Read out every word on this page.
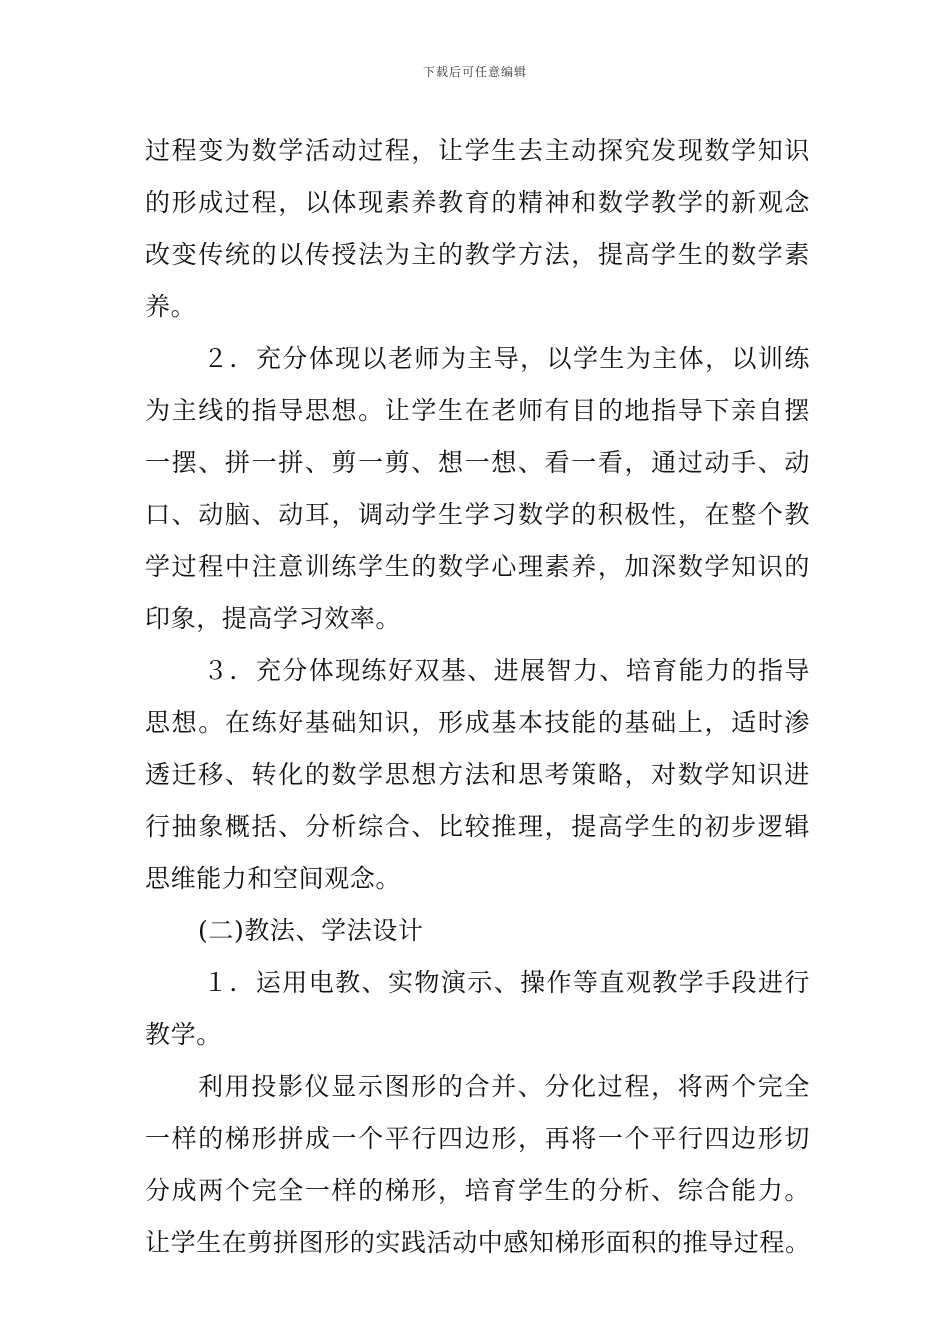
下载后可任意编辑
过程变为数学活动过程，让学生去主动探究发现数学知识
的形成过程，以体现素养教育的精神和数学教学的新观念
改变传统的以传授法为主的教学方法，提高学生的数学素
养。
２．充分体现以老师为主导，以学生为主体，以训练
为主线的指导思想。让学生在老师有目的地指导下亲自摆
一摆、拼一拼、剪一剪、想一想、看一看，通过动手、动
口、动脑、动耳，调动学生学习数学的积极性，在整个教
学过程中注意训练学生的数学心理素养，加深数学知识的
印象，提高学习效率。
３．充分体现练好双基、进展智力、培育能力的指导
思想。在练好基础知识，形成基本技能的基础上，适时渗
透迁移、转化的数学思想方法和思考策略，对数学知识进
行抽象概括、分析综合、比较推理，提高学生的初步逻辑
思维能力和空间观念。
(二)教法、学法设计
１．运用电教、实物演示、操作等直观教学手段进行
教学。
利用投影仪显示图形的合并、分化过程，将两个完全
一样的梯形拼成一个平行四边形，再将一个平行四边形切
分成两个完全一样的梯形，培育学生的分析、综合能力。
让学生在剪拼图形的实践活动中感知梯形面积的推导过程。
